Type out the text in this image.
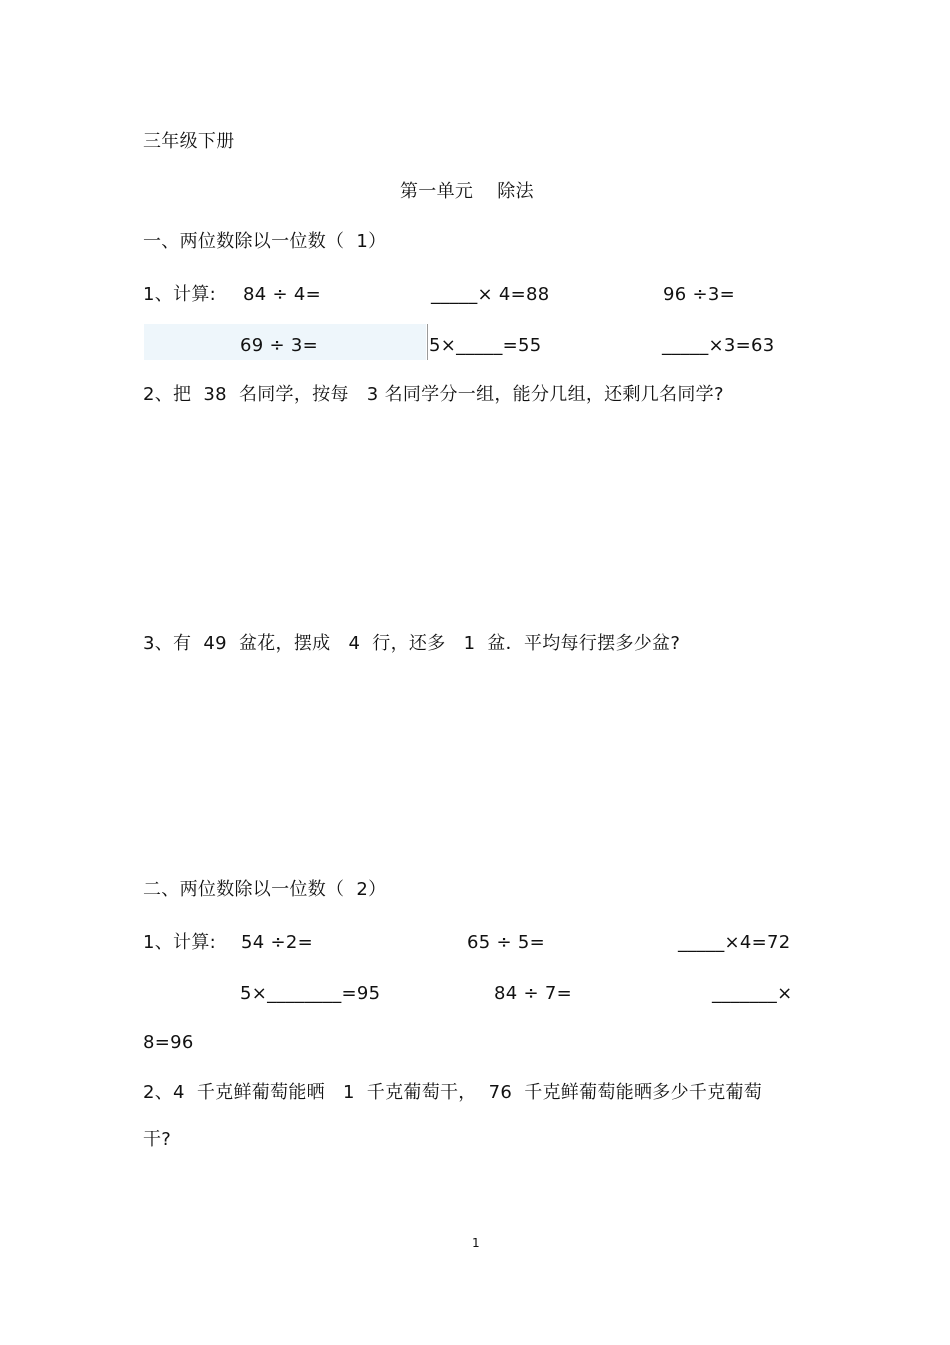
三年级下册
第一单元    除法
一、两位数除以一位数（  1）
1、计算: 84 ÷ 4=	_____× 4=88	96 ÷3=
69 ÷ 3=	5×_____=55	_____×3=63
2、把  38  名同学，按每   3 名同学分一组，能分几组，还剩几名同学?
3、有  49  盆花，摆成   4  行，还多   1  盆．平均每行摆多少盆?
二、两位数除以一位数（  2）
1、计算: 54 ÷2=	65 ÷ 5=	_____×4=72
5×________=95	84 ÷ 7=	_______×
8=96
2、4  千克鲜葡萄能晒   1  千克葡萄干，  76  千克鲜葡萄能晒多少千克葡萄
干?
1
